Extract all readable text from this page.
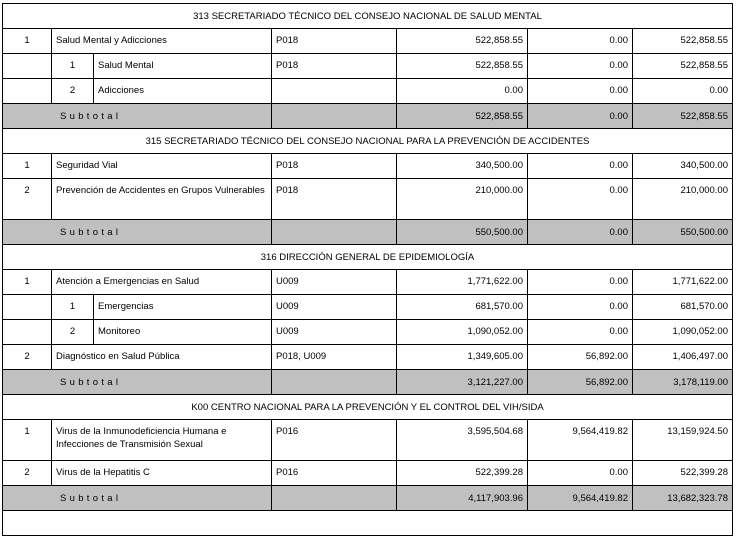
313 SECRETARIADO TÉCNICO DEL CONSEJO NACIONAL DE SALUD MENTAL						
1	Salud Mental y Adicciones		P018	522,858.55	0.00	522,858.55
	1	Salud Mental	P018	522,858.55	0.00	522,858.55
	2	Adicciones		0.00	0.00	0.00
Subtotal				522,858.55	0.00	522,858.55
315 SECRETARIADO TÉCNICO DEL CONSEJO NACIONAL PARA LA PREVENCIÓN DE ACCIDENTES						
1	Seguridad Vial		P018	340,500.00	0.00	340,500.00
2	Prevención de Accidentes en Grupos Vulnerables		P018	210,000.00	0.00	210,000.00
Subtotal				550,500.00	0.00	550,500.00
316 DIRECCIÓN GENERAL DE EPIDEMIOLOGÍA						
1	Atención a Emergencias en Salud		U009	1,771,622.00	0.00	1,771,622.00
	1	Emergencias	U009	681,570.00	0.00	681,570.00
	2	Monitoreo	U009	1,090,052.00	0.00	1,090,052.00
2	Diagnóstico en Salud Pública		P018, U009	1,349,605.00	56,892.00	1,406,497.00
Subtotal				3,121,227.00	56,892.00	3,178,119.00
K00 CENTRO NACIONAL PARA LA PREVENCIÓN Y EL CONTROL DEL VIH/SIDA						
1	Virus de la Inmunodeficiencia Humana e Infecciones de Transmisión Sexual		P016	3,595,504.68	9,564,419.82	13,159,924.50
2	Virus de la Hepatitis C		P016	522,399.28	0.00	522,399.28
Subtotal				4,117,903.96	9,564,419.82	13,682,323.78
